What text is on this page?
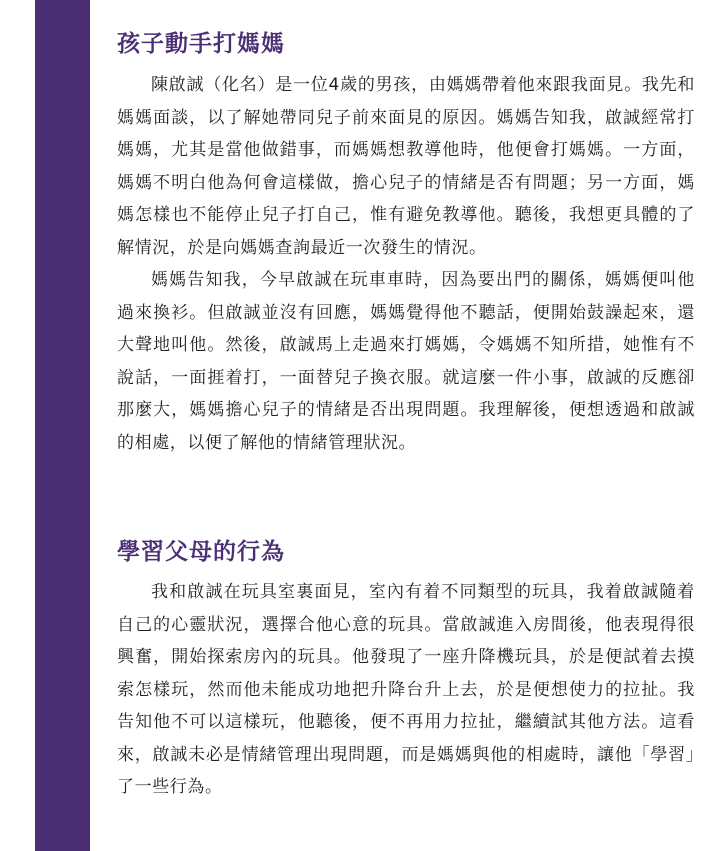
孩子動手打媽媽

陳啟誠（化名）是一位4歲的男孩，由媽媽帶着他來跟我面見。我先和媽媽面談，以了解她帶同兒子前來面見的原因。媽媽告知我，啟誠經常打媽媽，尤其是當他做錯事，而媽媽想教導他時，他便會打媽媽。一方面，媽媽不明白他為何會這樣做，擔心兒子的情緒是否有問題；另一方面，媽媽怎樣也不能停止兒子打自己，惟有避免教導他。聽後，我想更具體的了解情況，於是向媽媽查詢最近一次發生的情況。

媽媽告知我，今早啟誠在玩車車時，因為要出門的關係，媽媽便叫他過來換衫。但啟誠並沒有回應，媽媽覺得他不聽話，便開始鼓譟起來，還大聲地叫他。然後，啟誠馬上走過來打媽媽，令媽媽不知所措，她惟有不說話，一面捱着打，一面替兒子換衣服。就這麼一件小事，啟誠的反應卻那麼大，媽媽擔心兒子的情緒是否出現問題。我理解後，便想透過和啟誠的相處，以便了解他的情緒管理狀況。

學習父母的行為

我和啟誠在玩具室裏面見，室內有着不同類型的玩具，我着啟誠隨着自己的心靈狀況，選擇合他心意的玩具。當啟誠進入房間後，他表現得很興奮，開始探索房內的玩具。他發現了一座升降機玩具，於是便試着去摸索怎樣玩，然而他未能成功地把升降台升上去，於是便想使力的拉扯。我告知他不可以這樣玩，他聽後，便不再用力拉扯，繼續試其他方法。這看來，啟誠未必是情緒管理出現問題，而是媽媽與他的相處時，讓他「學習」了一些行為。
